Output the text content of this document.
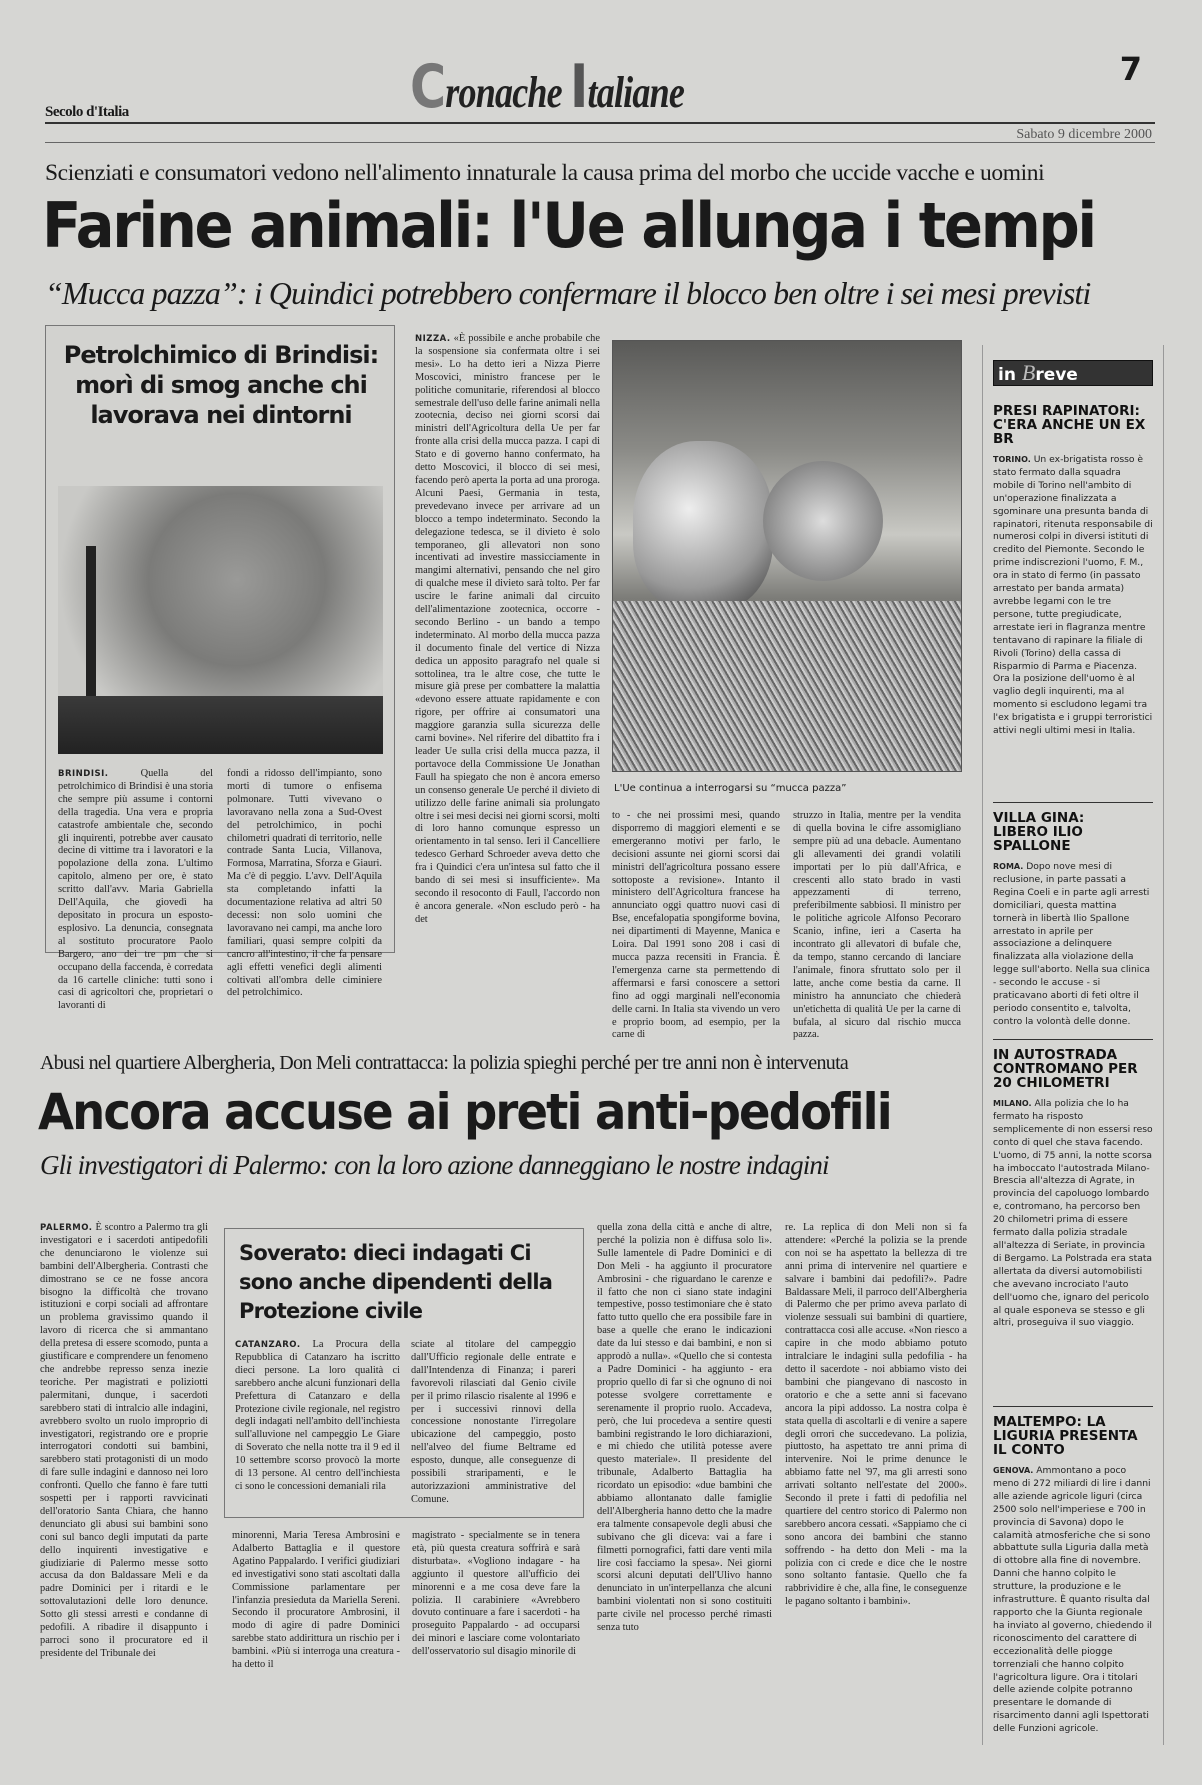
Cronache Italiane	7
Secolo d'Italia
Sabato 9 dicembre 2000
Scienziati e consumatori vedono nell'alimento innaturale la causa prima del morbo che uccide vacche e uomini
Farine animali: l'Ue allunga i tempi
“Mucca pazza”: i Quindici potrebbero confermare il blocco ben oltre i sei mesi previsti
Petrolchimico di Brindisi: morì di smog anche chi lavorava nei dintorni
BRINDISI.	Quella del petrolchimico di Brindisi è una storia che sempre più assume i contorni della tragedia. Una vera e propria catastrofe ambientale che, secondo gli inquirenti, potrebbe aver causato decine di vittime tra i lavoratori e la popolazione della zona. L'ultimo capitolo, almeno per ore, è stato scritto dall'avv. Maria Gabriella Dell'Aquila, che giovedì ha depositato in procura un esposto-esplosivo. La denuncia, consegnata al sostituto procuratore Paolo Bargero, ano dei tre pm che si occupano della faccenda, è corredata da 16 cartelle cliniche: tutti sono i casi di agricoltori che, proprietari o lavoranti di
fondi a ridosso dell'impianto, sono morti di tumore o enfisema polmonare. Tutti vivevano o lavoravano nella zona a Sud-Ovest del petrolchimico, in pochi chilometri quadrati di territorio, nelle contrade Santa Lucia, Villanova, Formosa, Marratina, Sforza e Giauri. Ma c'è di peggio. L'avv. Dell'Aquila sta completando infatti la documentazione relativa ad altri 50 decessi: non solo uomini che lavoravano nei campi, ma anche loro familiari, quasi sempre colpiti da cancro all'intestino, il che fa pensare agli effetti venefici degli alimenti coltivati all'ombra delle ciminiere del petrolchimico.
NIZZA. «È possibile e anche probabile che la sospensione sia confermata oltre i sei mesi». Lo ha detto ieri a Nizza Pierre Moscovici, ministro francese per le politiche comunitarie, riferendosi al blocco semestrale dell'uso delle farine animali nella zootecnia, deciso nei giorni scorsi dai ministri dell'Agricoltura della Ue per far fronte alla crisi della mucca pazza. I capi di Stato e di governo hanno confermato, ha detto Moscovici, il blocco di sei mesi, facendo però aperta la porta ad una proroga. Alcuni Paesi, Germania in testa, prevedevano invece per arrivare ad un blocco a tempo indeterminato. Secondo la delegazione tedesca, se il divieto è solo temporaneo, gli allevatori non sono incentivati ad investire massicciamente in mangimi alternativi, pensando che nel giro di qualche mese il divieto sarà tolto. Per far uscire le farine animali dal circuito dell'alimentazione zootecnica, occorre - secondo Berlino - un bando a tempo indeterminato. Al morbo della mucca pazza il documento finale del vertice di Nizza dedica un apposito paragrafo nel quale si sottolinea, tra le altre cose, che tutte le misure già prese per combattere la malattia «devono essere attuate rapidamente e con rigore, per offrire ai consumatori una maggiore garanzia sulla sicurezza delle carni bovine». Nel riferire del dibattito fra i leader Ue sulla crisi della mucca pazza, il portavoce della Commissione Ue Jonathan Faull ha spiegato che non è ancora emerso un consenso generale Ue perché il divieto di utilizzo delle farine animali sia prolungato oltre i sei mesi decisi nei giorni scorsi, molti di loro hanno comunque espresso un orientamento in tal senso. Ieri il Cancelliere tedesco Gerhard Schroeder aveva detto che fra i Quindici c'era un'intesa sul fatto che il bando di sei mesi si insufficiente». Ma secondo il resoconto di Faull, l'accordo non è ancora generale. «Non escludo però - ha det
L'Ue continua a interrogarsi su “mucca pazza”
to - che nei prossimi mesi, quando disporremo di maggiori elementi e se emergeranno motivi per farlo, le decisioni assunte nei giorni scorsi dai ministri dell'agricoltura possano essere sottoposte a revisione». Intanto il ministero dell'Agricoltura francese ha annunciato oggi quattro nuovi casi di Bse, encefalopatia spongiforme bovina, nei dipartimenti di Mayenne, Manica e Loira. Dal 1991 sono 208 i casi di mucca pazza recensiti in Francia. È l'emergenza carne sta permettendo di affermarsi e farsi conoscere a settori fino ad oggi marginali nell'economia delle carni. In Italia sta vivendo un vero e proprio boom, ad esempio, per la carne di
struzzo in Italia, mentre per la vendita di quella bovina le cifre assomigliano sempre più ad una debacle. Aumentano gli allevamenti dei grandi volatili importati per lo più dall'Africa, e crescenti allo stato brado in vasti appezzamenti di terreno, preferibilmente sabbiosi. Il ministro per le politiche agricole Alfonso Pecoraro Scanio, infine, ieri a Caserta ha incontrato gli allevatori di bufale che, da tempo, stanno cercando di lanciare l'animale, finora sfruttato solo per il latte, anche come bestia da carne. Il ministro ha annunciato che chiederà un'etichetta di qualità Ue per la carne di bufala, al sicuro dal rischio mucca pazza.
in Breve
PRESI RAPINATORI: C'ERA ANCHE UN EX BR
TORINO. Un ex-brigatista rosso è stato fermato dalla squadra mobile di Torino nell'ambito di un'operazione finalizzata a sgominare una presunta banda di rapinatori, ritenuta responsabile di numerosi colpi in diversi istituti di credito del Piemonte. Secondo le prime indiscrezioni l'uomo, F. M., ora in stato di fermo (in passato arrestato per banda armata) avrebbe legami con le tre persone, tutte pregiudicate, arrestate ieri in flagranza mentre tentavano di rapinare la filiale di Rivoli (Torino) della cassa di Risparmio di Parma e Piacenza. Ora la posizione dell'uomo è al vaglio degli inquirenti, ma al momento si escludono legami tra l'ex brigatista e i gruppi terroristici attivi negli ultimi mesi in Italia.
VILLA GINA: LIBERO ILIO SPALLONE
ROMA. Dopo nove mesi di reclusione, in parte passati a Regina Coeli e in parte agli arresti domiciliari, questa mattina tornerà in libertà Ilio Spallone arrestato in aprile per associazione a delinquere finalizzata alla violazione della legge sull'aborto. Nella sua clinica - secondo le accuse - si praticavano aborti di feti oltre il periodo consentito e, talvolta, contro la volontà delle donne.
IN AUTOSTRADA CONTROMANO PER 20 CHILOMETRI
MILANO. Alla polizia che lo ha fermato ha risposto semplicemente di non essersi reso conto di quel che stava facendo. L'uomo, di 75 anni, la notte scorsa ha imboccato l'autostrada Milano-Brescia all'altezza di Agrate, in provincia del capoluogo lombardo e, contromano, ha percorso ben 20 chilometri prima di essere fermato dalla polizia stradale all'altezza di Seriate, in provincia di Bergamo. La Polstrada era stata allertata da diversi automobilisti che avevano incrociato l'auto dell'uomo che, ignaro del pericolo al quale esponeva se stesso e gli altri, proseguiva il suo viaggio.
MALTEMPO: LA LIGURIA PRESENTA IL CONTO
GENOVA. Ammontano a poco meno di 272 miliardi di lire i danni alle aziende agricole liguri (circa 2500 solo nell'imperiese e 700 in provincia di Savona) dopo le calamità atmosferiche che si sono abbattute sulla Liguria dalla metà di ottobre alla fine di novembre. Danni che hanno colpito le strutture, la produzione e le infrastrutture. È quanto risulta dal rapporto che la Giunta regionale ha inviato al governo, chiedendo il riconoscimento del carattere di eccezionalità delle piogge torrenziali che hanno colpito l'agricoltura ligure. Ora i titolari delle aziende colpite potranno presentare le domande di risarcimento danni agli Ispettorati delle Funzioni agricole.
Abusi nel quartiere Albergheria, Don Meli contrattacca: la polizia spieghi perché per tre anni non è intervenuta
Ancora accuse ai preti anti-pedofili
Gli investigatori di Palermo: con la loro azione danneggiano le nostre indagini
PALERMO. È scontro a Palermo tra gli investigatori e i sacerdoti antipedofili che denunciarono le violenze sui bambini dell'Albergheria. Contrasti che dimostrano se ce ne fosse ancora bisogno la difficoltà che trovano istituzioni e corpi sociali ad affrontare un problema gravissimo quando il lavoro di ricerca che si ammantano della pretesa di essere scomodo, punta a giustificare e comprendere un fenomeno che andrebbe represso senza inezie teoriche. Per magistrati e poliziotti palermitani, dunque, i sacerdoti sarebbero stati di intralcio alle indagini, avrebbero svolto un ruolo improprio di investigatori, registrando ore e proprie interrogatori condotti sui bambini, sarebbero stati protagonisti di un modo di fare sulle indagini e dannoso nei loro confronti. Quello che fanno è fare tutti sospetti per i rapporti ravvicinati dell'oratorio Santa Chiara, che hanno denunciato gli abusi sui bambini sono coni sul banco degli imputati da parte dello inquirenti investigative e giudiziarie di Palermo messe sotto accusa da don Baldassare Meli e da padre Dominici per i ritardi e le sottovalutazioni delle loro denunce. Sotto gli stessi arresti e condanne di pedofili. A ribadire il disappunto i parroci sono il procuratore ed il presidente del Tribunale dei
Soverato: dieci indagati Ci sono anche dipendenti della Protezione civile
CATANZARO. La Procura della Repubblica di Catanzaro ha iscritto dieci persone. La loro qualità ci sarebbero anche alcuni funzionari della Prefettura di Catanzaro e della Protezione civile regionale, nel registro degli indagati nell'ambito dell'inchiesta sull'alluvione nel campeggio Le Giare di Soverato che nella notte tra il 9 ed il 10 settembre scorso provocò la morte di 13 persone. Al centro dell'inchiesta ci sono le concessioni demaniali rila
sciate al titolare del campeggio dall'Ufficio regionale delle entrate e dall'Intendenza di Finanza; i pareri favorevoli rilasciati dal Genio civile per il primo rilascio risalente al 1996 e per i successivi rinnovi della concessione nonostante l'irregolare ubicazione del campeggio, posto nell'alveo del fiume Beltrame ed esposto, dunque, alle conseguenze di possibili straripamenti, e le autorizzazioni amministrative del Comune.
minorenni, Maria Teresa Ambrosini e Adalberto Battaglia e il questore Agatino Pappalardo. I verifici giudiziari ed investigativi sono stati ascoltati dalla Commissione parlamentare per l'infanzia presieduta da Mariella Sereni. Secondo il procuratore Ambrosini, il modo di agire di padre Dominici sarebbe stato addirittura un rischio per i bambini. «Più si interroga una creatura - ha detto il
magistrato - specialmente se in tenera età, più questa creatura soffrirà e sarà disturbata». «Vogliono indagare - ha aggiunto il questore all'ufficio dei minorenni e a me cosa deve fare la polizia. Il carabiniere «Avrebbero dovuto continuare a fare i sacerdoti - ha proseguito Pappalardo - ad occuparsi dei minori e lasciare come volontariato dell'osservatorio sul disagio minorile di
quella zona della città e anche di altre, perché la polizia non è diffusa solo lì». Sulle lamentele di Padre Dominici e di Don Meli - ha aggiunto il procuratore Ambrosini - che riguardano le carenze e il fatto che non ci siano state indagini tempestive, posso testimoniare che è stato fatto tutto quello che era possibile fare in base a quelle che erano le indicazioni date da lui stesso e dai bambini, e non si approdò a nulla». «Quello che si contesta a Padre Dominici - ha aggiunto - era proprio quello di far sì che ognuno di noi potesse svolgere correttamente e serenamente il proprio ruolo. Accadeva, però, che lui procedeva a sentire questi bambini registrando le loro dichiarazioni, e mi chiedo che utilità potesse avere questo materiale». Il presidente del tribunale, Adalberto Battaglia ha ricordato un episodio: «due bambini che abbiamo allontanato dalle famiglie dell'Albergheria hanno detto che la madre era talmente consapevole degli abusi che subivano che gli diceva: vai a fare i filmetti pornografici, fatti dare venti mila lire così facciamo la spesa». Nei giorni scorsi alcuni deputati dell'Ulivo hanno denunciato in un'interpellanza che alcuni bambini violentati non si sono costituiti parte civile nel processo perché rimasti senza tuto
re. La replica di don Meli non si fa attendere: «Perché la polizia se la prende con noi se ha aspettato la bellezza di tre anni prima di intervenire nel quartiere e salvare i bambini dai pedofili?». Padre Baldassare Meli, il parroco dell'Albergheria di Palermo che per primo aveva parlato di violenze sessuali sui bambini di quartiere, contrattacca così alle accuse. «Non riesco a capire in che modo abbiamo potuto intralciare le indagini sulla pedofilia - ha detto il sacerdote - noi abbiamo visto dei bambini che piangevano di nascosto in oratorio e che a sette anni si facevano ancora la pipì addosso. La nostra colpa è stata quella di ascoltarli e di venire a sapere degli orrori che succedevano. La polizia, piuttosto, ha aspettato tre anni prima di intervenire. Noi le prime denunce le abbiamo fatte nel '97, ma gli arresti sono arrivati soltanto nell'estate del 2000». Secondo il prete i fatti di pedofilia nel quartiere del centro storico di Palermo non sarebbero ancora cessati. «Sappiamo che ci sono ancora dei bambini che stanno soffrendo - ha detto don Meli - ma la polizia con ci crede e dice che le nostre sono soltanto fantasie. Quello che fa rabbrividire è che, alla fine, le conseguenze le pagano soltanto i bambini».
